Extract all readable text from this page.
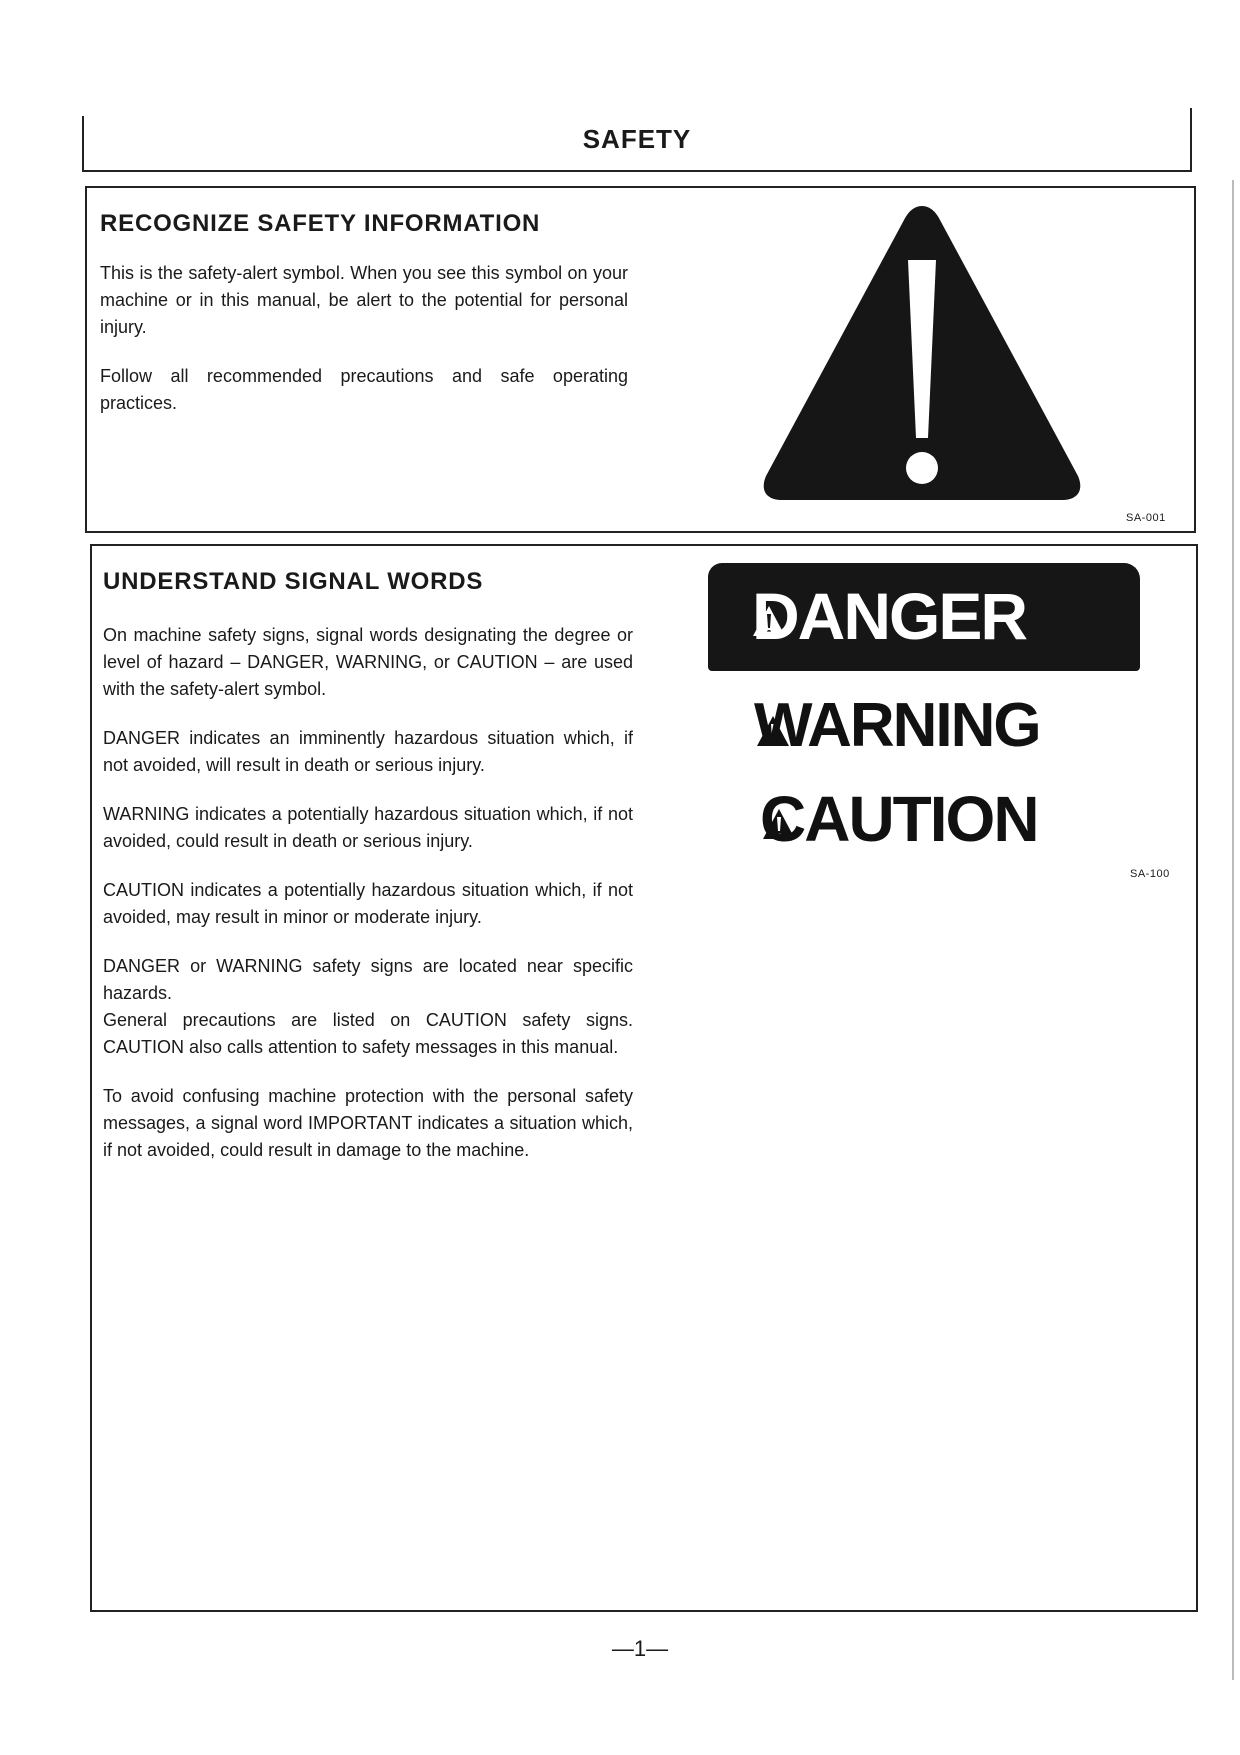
SAFETY
RECOGNIZE SAFETY INFORMATION

This is the safety-alert symbol. When you see this symbol on your machine or in this manual, be alert to the potential for personal injury.

Follow all recommended precautions and safe operating practices.

SA-001
UNDERSTAND SIGNAL WORDS

On machine safety signs, signal words designating the degree or level of hazard – DANGER, WARNING, or CAUTION – are used with the safety-alert symbol.

DANGER indicates an imminently hazardous situation which, if not avoided, will result in death or serious injury.

WARNING indicates a potentially hazardous situation which, if not avoided, could result in death or serious injury.

CAUTION indicates a potentially hazardous situation which, if not avoided, may result in minor or moderate injury.

DANGER or WARNING safety signs are located near specific hazards.

General precautions are listed on CAUTION safety signs. CAUTION also calls attention to safety messages in this manual.

To avoid confusing machine protection with the personal safety messages, a signal word IMPORTANT indicates a situation which, if not avoided, could result in damage to the machine.

DANGER
WARNING
CAUTION
SA-100
—1—
